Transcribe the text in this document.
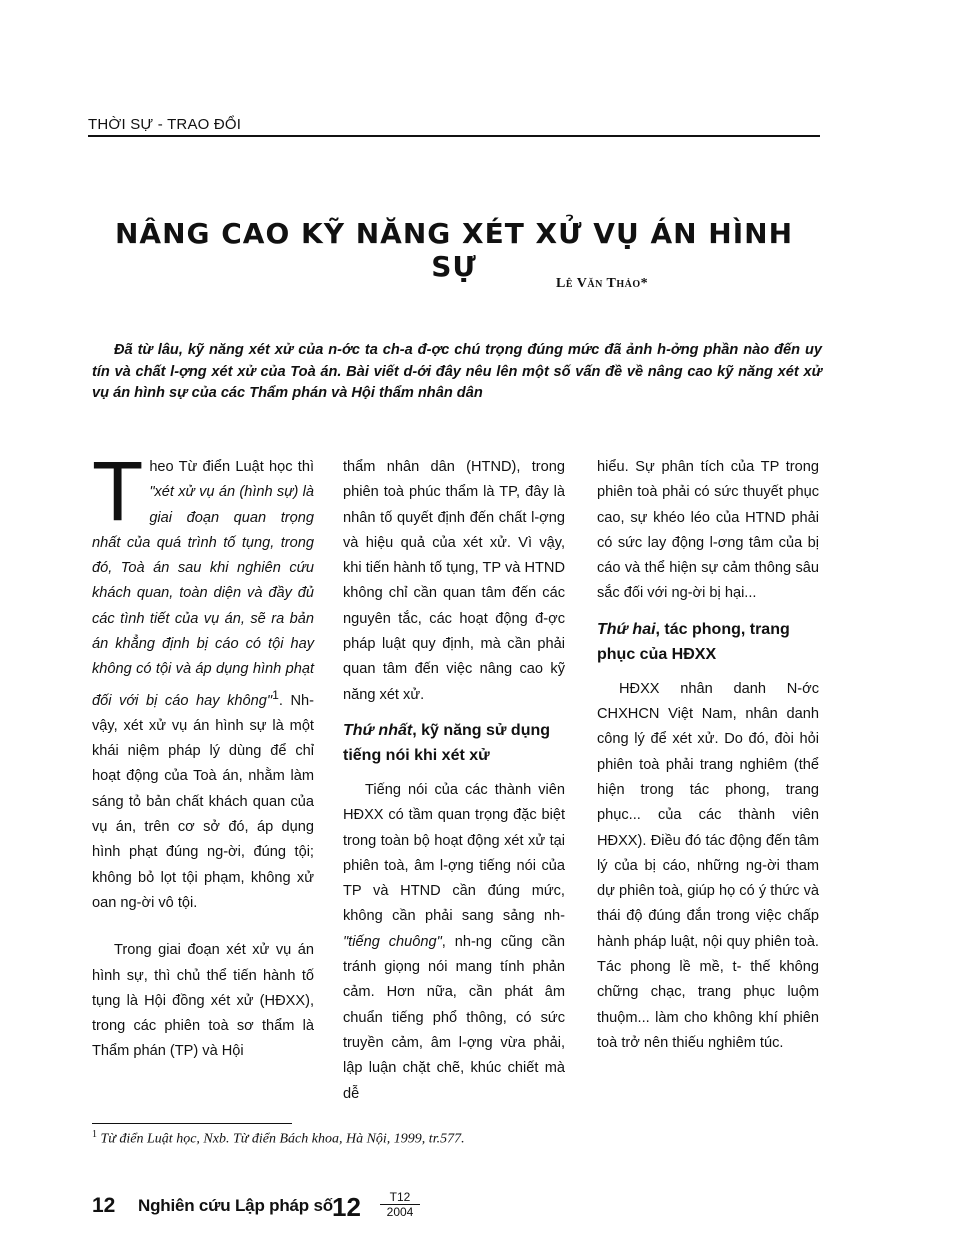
THỜI SỰ - TRAO ĐỔI
NÂNG CAO KỸ NĂNG XÉT XỬ VỤ ÁN HÌNH SỰ
Lê Văn Thảo*

Đã từ lâu, kỹ năng xét xử của n-ớc ta ch-a đ-ợc chú trọng đúng mức đã ảnh h-ởng phần nào đến uy tín và chất l-ợng xét xử của Toà án. Bài viết d-ới đây nêu lên một số vấn đề về nâng cao kỹ năng xét xử vụ án hình sự của các Thẩm phán và Hội thẩm nhân dân

Theo Từ điển Luật học thì "xét xử vụ án (hình sự) là giai đoạn quan trọng nhất của quá trình tố tụng, trong đó, Toà án sau khi nghiên cứu khách quan, toàn diện và đầy đủ các tình tiết của vụ án, sẽ ra bản án khẳng định bị cáo có tội hay không có tội và áp dụng hình phạt đối với bị cáo hay không"$^1$. Nh- vậy, xét xử vụ án hình sự là một khái niệm pháp lý dùng để chỉ hoạt động của Toà án, nhằm làm sáng tỏ bản chất khách quan của vụ án, trên cơ sở đó, áp dụng hình phạt đúng ng-ời, đúng tội; không bỏ lọt tội phạm, không xử oan ng-ời vô tội.

Trong giai đoạn xét xử vụ án hình sự, thì chủ thể tiến hành tố tụng là Hội đồng xét xử (HĐXX), trong các phiên toà sơ thẩm là Thẩm phán (TP) và Hội

thẩm nhân dân (HTND), trong phiên toà phúc thẩm là TP, đây là nhân tố quyết định đến chất l-ợng và hiệu quả của xét xử. Vì vậy, khi tiến hành tố tụng, TP và HTND không chỉ cần quan tâm đến các nguyên tắc, các hoạt động đ-ợc pháp luật quy định, mà cần phải quan tâm đến việc nâng cao kỹ năng xét xử.

Thứ nhất, kỹ năng sử dụng tiếng nói khi xét xử

Tiếng nói của các thành viên HĐXX có tầm quan trọng đặc biệt trong toàn bộ hoạt động xét xử tại phiên toà, âm l-ợng tiếng nói của TP và HTND cần đúng mức, không cần phải sang sảng nh- "tiếng chuông", nh-ng cũng cần tránh giọng nói mang tính phản cảm. Hơn nữa, cần phát âm chuẩn tiếng phổ thông, có sức truyền cảm, âm l-ợng vừa phải, lập luận chặt chẽ, khúc chiết mà dễ

hiểu. Sự phân tích của TP trong phiên toà phải có sức thuyết phục cao, sự khéo léo của HTND phải có sức lay động l-ơng tâm của bị cáo và thể hiện sự cảm thông sâu sắc đối với ng-ời bị hại...

Thứ hai, tác phong, trang phục của HĐXX

HĐXX nhân danh N-ớc CHXHCN Việt Nam, nhân danh công lý để xét xử. Do đó, đòi hỏi phiên toà phải trang nghiêm (thể hiện trong tác phong, trang phục... của các thành viên HĐXX). Điều đó tác động đến tâm lý của bị cáo, những ng-ời tham dự phiên toà, giúp họ có ý thức và thái độ đúng đắn trong việc chấp hành pháp luật, nội quy phiên toà. Tác phong lề mề, t- thế không chững chạc, trang phục luộm thuộm... làm cho không khí phiên toà trở nên thiếu nghiêm túc.

$^1$ Từ điển Luật học, Nxb. Từ điển Bách khoa, Hà Nội, 1999, tr.577.
12 Nghiên cứu Lập pháp số $12 \frac{T12}{2004}$
